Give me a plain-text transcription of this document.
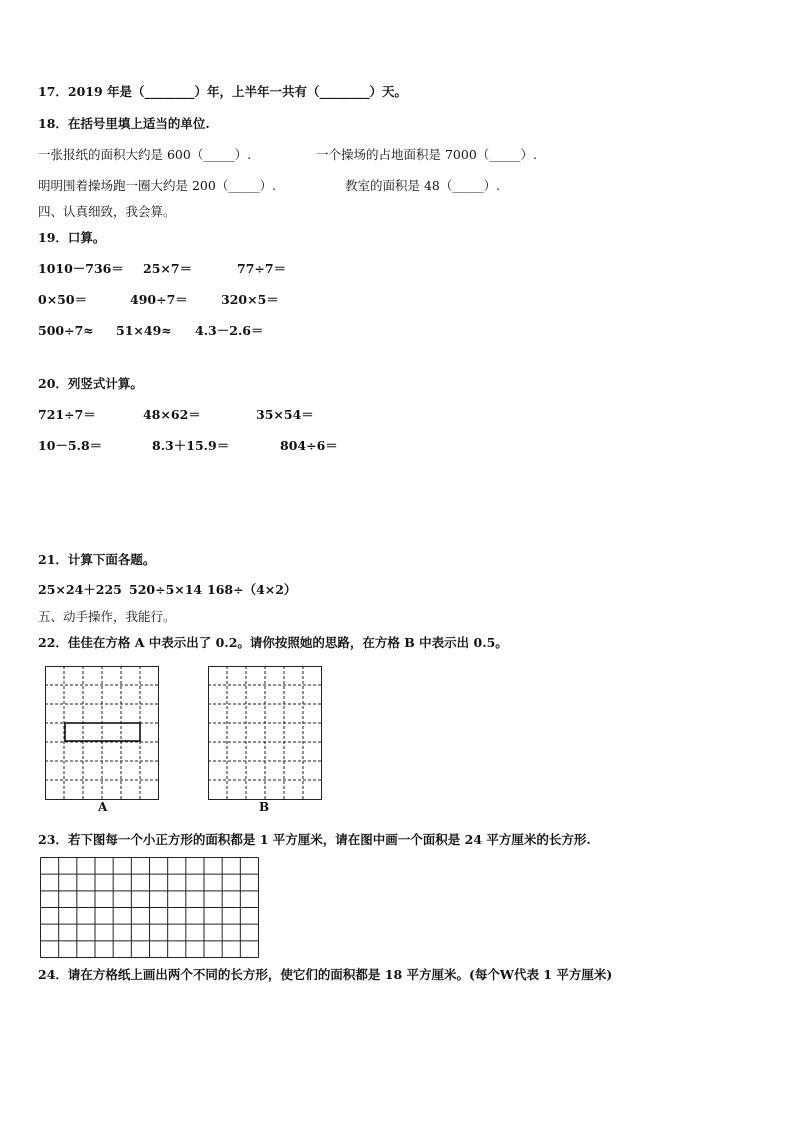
17．2019 年是（________）年，上半年一共有（________）天。
18．在括号里填上适当的单位.
一张报纸的面积大约是 600（_____）.	一个操场的占地面积是 7000（_____）.
明明围着操场跑一圈大约是 200（_____）.	教室的面积是 48（_____）.
四、认真细致，我会算。
19．口算。
1010－736＝ 25×7＝	77÷7＝
0×50＝	490÷7＝	320×5＝
500÷7≈ 51×49≈ 4.3－2.6＝
20．列竖式计算。
721÷7＝	48×62＝	35×54＝
10－5.8＝	8.3＋15.9＝	804÷6＝
21．计算下面各题。
25×24＋225 520÷5×14 168÷（4×2）
五、动手操作，我能行。
22．佳佳在方格 A 中表示出了 0.2。请你按照她的思路，在方格 B 中表示出 0.5。
A	B
23．若下图每一个小正方形的面积都是 1 平方厘米，请在图中画一个面积是 24 平方厘米的长方形.
24．请在方格纸上画出两个不同的长方形，使它们的面积都是 18 平方厘米。(每个W代表 1 平方厘米)
